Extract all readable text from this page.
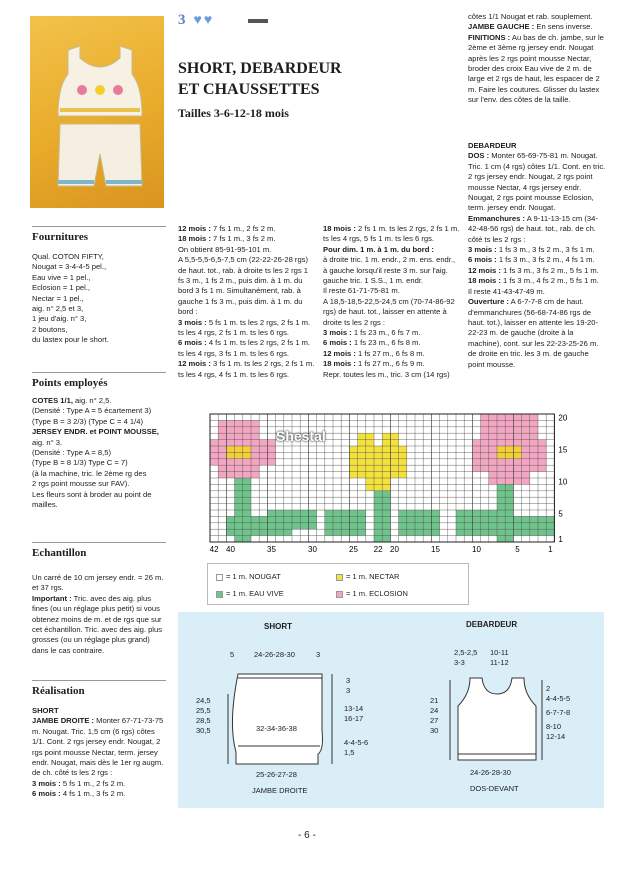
3 ♥♥
SHORT, DEBARDEUR
ET CHAUSSETTES
Tailles 3-6-12-18 mois
côtes 1/1 Nougat et rab. souplement.
JAMBE GAUCHE : En sens inverse.
FINITIONS : Au bas de ch. jambe, sur le 2ème et 3ème rg jersey endr. Nougat après les 2 rgs point mousse Nectar, broder des croix Eau vive de 2 m. de large et 2 rgs de haut, les espacer de 2 m. Faire les coutures. Glisser du lastex sur l'env. des côtes de la taille.
DEBARDEUR
DOS : Monter 65-69-75-81 m. Nougat. Tric. 1 cm (4 rgs) côtes 1/1. Cont. en tric. 2 rgs jersey endr. Nougat, 2 rgs point mousse Nectar, 4 rgs jersey endr. Nougat, 2 rgs point mousse Eclosion, term. jersey endr. Nougat.
Emmanchures : A 9-11-13-15 cm (34-42-48-56 rgs) de haut. tot., rab. de ch. côté ts les 2 rgs :
3 mois : 1 fs 3 m., 3 fs 2 m., 3 fs 1 m.
6 mois : 1 fs 3 m., 3 fs 2 m., 4 fs 1 m.
12 mois : 1 fs 3 m., 3 fs 2 m., 5 fs 1 m.
18 mois : 1 fs 3 m., 4 fs 2 m., 5 fs 1 m.
Il reste 41-43-47-49 m.
Ouverture : A 6-7-7-8 cm de haut. d'emmanchures (56-68-74-86 rgs de haut. tot.), laisser en attente les 19-20-22-23 m. de gauche (droite à la machine), cont. sur les 22-23-25-26 m. de droite en tric. les 3 m. de gauche point mousse.
Fournitures
Qual. COTON FIFTY,
Nougat = 3-4-4-5 pel.,
Eau vive = 1 pel.,
Eclosion = 1 pel.,
Nectar = 1 pel.,
aig. n° 2,5 et 3,
1 jeu d'aig. n° 3,
2 boutons,
du lastex pour le short.
Points employés
COTES 1/1, aig. n° 2,5.
(Densité : Type A = 5 écartement 3)
(Type B = 3 2/3) (Type C = 4 1/4)
JERSEY ENDR. et POINT MOUSSE,
aig. n° 3.
(Densité : Type A = 8,5)
(Type B = 8 1/3) Type C = 7)
(à la machine, tric. le 2ème rg des
2 rgs point mousse sur FAV).
Les fleurs sont à broder au point de
mailles.
Echantillon
Un carré de 10 cm jersey endr. = 26 m. et 37 rgs.
Important : Tric. avec des aig. plus fines (ou un réglage plus petit) si vous obtenez moins de m. et de rgs que sur cet échantillon. Tric. avec des aig. plus grosses (ou un réglage plus grand) dans le cas contraire.
Réalisation
SHORT
JAMBE DROITE : Monter 67-71-73-75 m. Nougat. Tric. 1,5 cm (6 rgs) côtes 1/1. Cont. 2 rgs jersey endr. Nougat, 2 rgs point mousse Nectar, term. jersey endr. Nougat, mais dès le 1er rg augm. de ch. côté ts les 2 rgs :
3 mois : 5 fs 1 m., 2 fs 2 m.
6 mois : 4 fs 1 m., 3 fs 2 m.
12 mois : 7 fs 1 m., 2 fs 2 m.
18 mois : 7 fs 1 m., 3 fs 2 m.
On obtient 85-91-95-101 m.
A 5,5-5,5-6,5-7,5 cm (22-22-26-28 rgs) de haut. tot., rab. à droite ts les 2 rgs 1 fs 3 m., 1 fs 2 m., puis dim. à 1 m. du bord 3 fs 1 m. Simultanément, rab. à gauche 1 fs 3 m., puis dim. à 1 m. du bord :
3 mois : 5 fs 1 m. ts les 2 rgs, 2 fs 1 m. ts les 4 rgs, 2 fs 1 m. ts les 6 rgs.
6 mois : 4 fs 1 m. ts les 2 rgs, 2 fs 1 m. ts les 4 rgs, 3 fs 1 m. ts les 6 rgs.
12 mois : 3 fs 1 m. ts les 2 rgs, 2 fs 1 m. ts les 4 rgs, 4 fs 1 m. ts les 6 rgs.
18 mois : 2 fs 1 m. ts les 2 rgs, 2 fs 1 m. ts les 4 rgs, 5 fs 1 m. ts les 6 rgs.
Pour dim. 1 m. à 1 m. du bord :
à droite tric. 1 m. endr., 2 m. ens. endr., à gauche lorsqu'il reste 3 m. sur l'aig. gauche tric. 1 S.S., 1 m. endr.
Il reste 61-71-75-81 m.
A 18,5-18,5-22,5-24,5 cm (70-74-86-92 rgs) de haut. tot., laisser en attente à droite ts les 2 rgs :
3 mois : 1 fs 23 m., 6 fs 7 m.
6 mois : 1 fs 23 m., 6 fs 8 m.
12 mois : 1 fs 27 m., 6 fs 8 m.
18 mois : 1 fs 27 m., 6 fs 9 m.
Repr. toutes les m., tric. 3 cm (14 rgs)
42 40	35	30	25 22 20	15	10	5	1
20
15
10
5
1
Shestal
= 1 m. NOUGAT	= 1 m. NECTAR
= 1 m. EAU VIVE	= 1 m. ECLOSION
SHORT	DEBARDEUR
5	24-26-28-30	3
24,5
25,5
28,5
30,5
3
3
13-14
16-17
4-4-5-6
1,5
32-34-36-38
25-26-27-28
JAMBE DROITE
2,5-2,5
3-3
10-11
11-12
21
24
27
30
2
4-4-5-5
6-7-7-8
8-10
12-14
24-26-28-30
DOS-DEVANT
- 6 -
